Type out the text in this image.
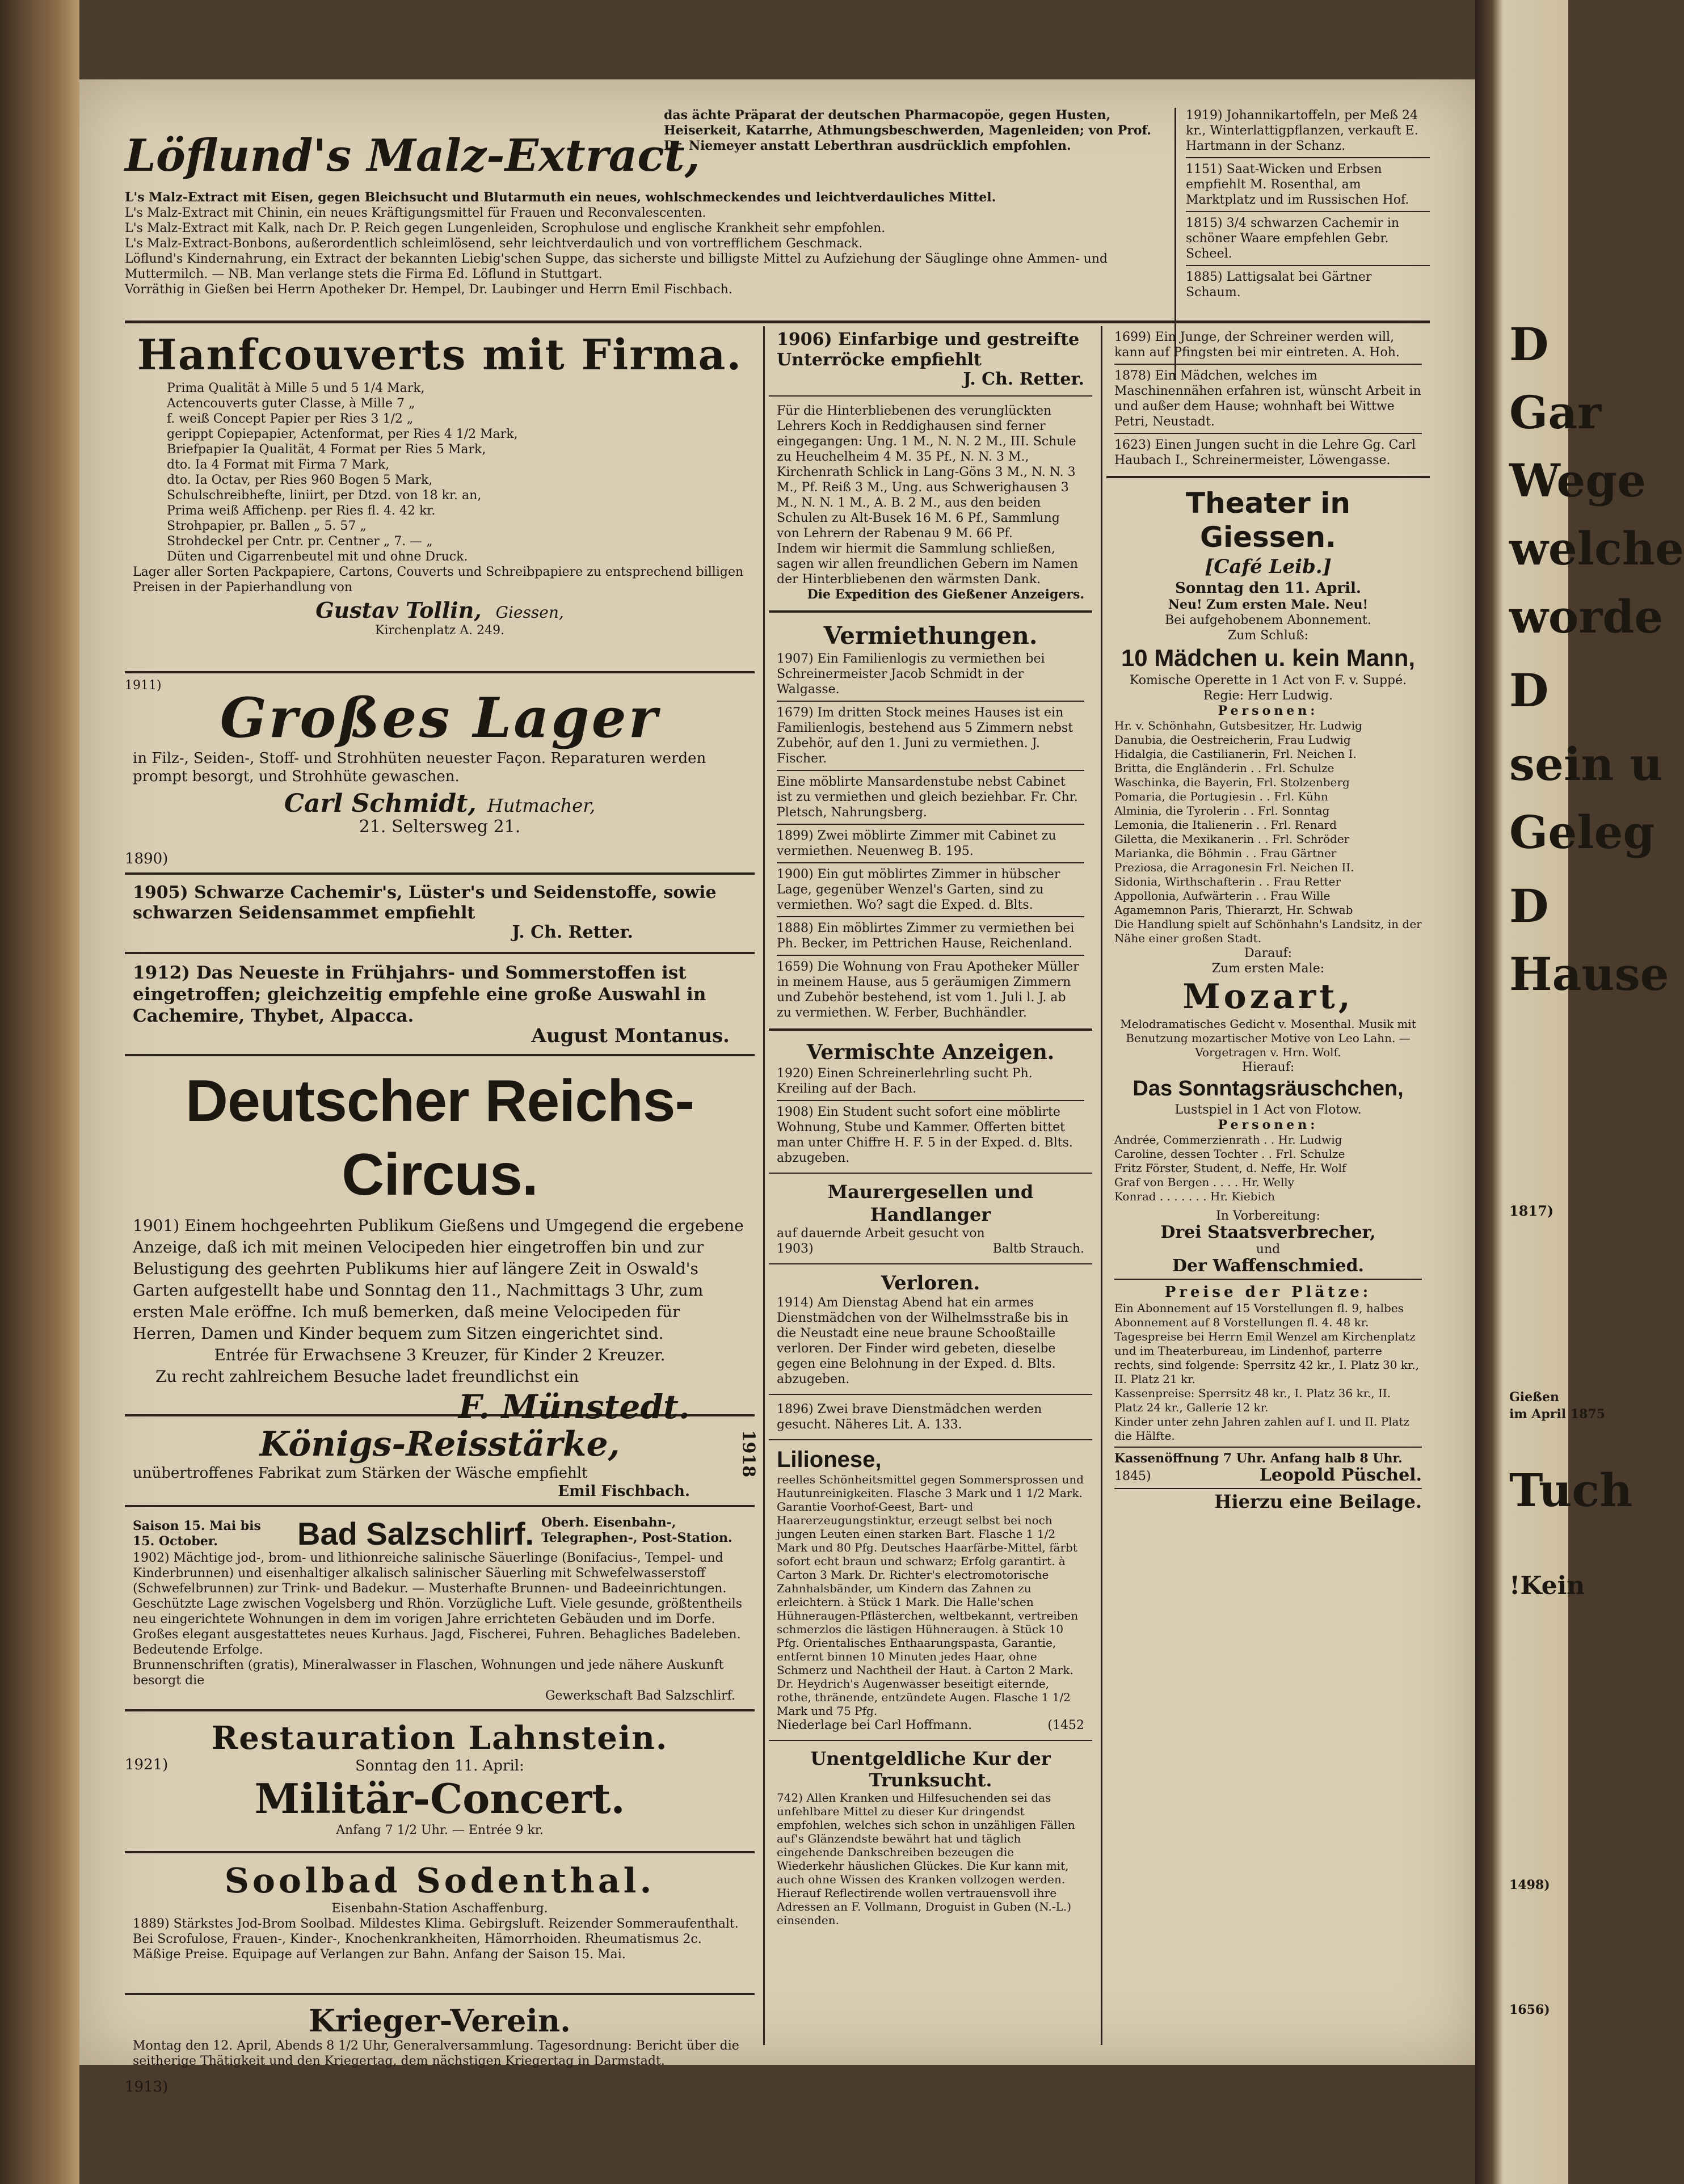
Löflund's Malz-Extract,
das ächte Präparat der deutschen Pharmacopöe, gegen Husten, Heiserkeit, Katarrhe, Athmungsbeschwerden, Magenleiden; von Prof. Dr. Niemeyer anstatt Leberthran ausdrücklich empfohlen.

L's Malz-Extract mit Eisen, gegen Bleichsucht und Blutarmuth ein neues, wohlschmeckendes und leichtverdauliches Mittel.

L's Malz-Extract mit Chinin, ein neues Kräftigungsmittel für Frauen und Reconvalescenten.

L's Malz-Extract mit Kalk, nach Dr. P. Reich gegen Lungenleiden, Scrophulose und englische Krankheit sehr empfohlen.

L's Malz-Extract-Bonbons, außerordentlich schleimlösend, sehr leichtverdaulich und von vortrefflichem Geschmack.

Löflund's Kindernahrung, ein Extract der bekannten Liebig'schen Suppe, das sicherste und billigste Mittel zu Aufziehung der Säuglinge ohne Ammen- und Muttermilch. — NB. Man verlange stets die Firma Ed. Löflund in Stuttgart.

Vorräthig in Gießen bei Herrn Apotheker Dr. Hempel, Dr. Laubinger und Herrn Emil Fischbach.

1919) Johannikartoffeln, per Meß 24 kr., Winterlattigpflanzen, verkauft E. Hartmann in der Schanz.

1151) Saat-Wicken und Erbsen empfiehlt M. Rosenthal, am Marktplatz und im Russischen Hof.

1815) 3/4 schwarzen Cachemir in schöner Waare empfehlen Gebr. Scheel.

1885) Lattigsalat bei Gärtner Schaum.

Hanfcouverts mit Firma.

Prima Qualität à Mille 5 und 5 1/4 Mark,

Actencouverts guter Classe, à Mille 7 „

f. weiß Concept Papier per Ries 3 1/2 „

gerippt Copiepapier, Actenformat, per Ries 4 1/2 Mark,

Briefpapier Ia Qualität, 4 Format per Ries 5 Mark,

dto. Ia 4 Format mit Firma 7 Mark,

dto. Ia Octav, per Ries 960 Bogen 5 Mark,

Schulschreibhefte, liniirt, per Dtzd. von 18 kr. an,

Prima weiß Affichenp. per Ries fl. 4. 42 kr.

Strohpapier, pr. Ballen „ 5. 57 „

Strohdeckel per Cntr. pr. Centner „ 7. — „

Düten und Cigarrenbeutel mit und ohne Druck.

Lager aller Sorten Packpapiere, Cartons, Couverts und Schreibpapiere zu entsprechend billigen Preisen in der Papierhandlung von

Gustav Tollin, Giessen,

Kirchenplatz A. 249.

1911)
Großes Lager

in Filz-, Seiden-, Stoff- und Strohhüten neuester Façon. Reparaturen werden prompt besorgt, und Strohhüte gewaschen.

Carl Schmidt, Hutmacher,

21. Seltersweg 21.

1890)

1905) Schwarze Cachemir's, Lüster's und Seidenstoffe, sowie schwarzen Seidensammet empfiehlt

J. Ch. Retter.

1912) Das Neueste in Frühjahrs- und Sommerstoffen ist eingetroffen; gleichzeitig empfehle eine große Auswahl in Cachemire, Thybet, Alpacca.

August Montanus.

Deutscher Reichs-Circus.

1901) Einem hochgeehrten Publikum Gießens und Umgegend die ergebene Anzeige, daß ich mit meinen Velocipeden hier eingetroffen bin und zur Belustigung des geehrten Publikums hier auf längere Zeit in Oswald's Garten aufgestellt habe und Sonntag den 11., Nachmittags 3 Uhr, zum ersten Male eröffne. Ich muß bemerken, daß meine Velocipeden für Herren, Damen und Kinder bequem zum Sitzen eingerichtet sind.

Entrée für Erwachsene 3 Kreuzer, für Kinder 2 Kreuzer.

Zu recht zahlreichem Besuche ladet freundlichst ein

F. Münstedt.

Königs-Reisstärke,

unübertroffenes Fabrikat zum Stärken der Wäsche empfiehlt

Emil Fischbach.

1918
Saison 15. Mai bis 15. October.	Bad Salzschlirf. Oberh. Eisenbahn-, Telegraphen-, Post-Station.

1902) Mächtige jod-, brom- und lithionreiche salinische Säuerlinge (Bonifacius-, Tempel- und Kinderbrunnen) und eisenhaltiger alkalisch salinischer Säuerling mit Schwefelwasserstoff (Schwefelbrunnen) zur Trink- und Badekur. — Musterhafte Brunnen- und Badeeinrichtungen. Geschützte Lage zwischen Vogelsberg und Rhön. Vorzügliche Luft. Viele gesunde, größtentheils neu eingerichtete Wohnungen in dem im vorigen Jahre errichteten Gebäuden und im Dorfe. Großes elegant ausgestattetes neues Kurhaus. Jagd, Fischerei, Fuhren. Behagliches Badeleben. Bedeutende Erfolge.

Brunnenschriften (gratis), Mineralwasser in Flaschen, Wohnungen und jede nähere Auskunft besorgt die

Gewerkschaft Bad Salzschlirf.

Restauration Lahnstein.
1921)	Sonntag den 11. April:

Militär-Concert.

Anfang 7 1/2 Uhr. — Entrée 9 kr.

Soolbad Sodenthal.

Eisenbahn-Station Aschaffenburg.

1889) Stärkstes Jod-Brom Soolbad. Mildestes Klima. Gebirgsluft. Reizender Sommeraufenthalt. Bei Scrofulose, Frauen-, Kinder-, Knochenkrankheiten, Hämorrhoiden. Rheumatismus 2c. Mäßige Preise. Equipage auf Verlangen zur Bahn. Anfang der Saison 15. Mai.

Krieger-Verein.

Montag den 12. April, Abends 8 1/2 Uhr, Generalversammlung. Tagesordnung: Bericht über die seitherige Thätigkeit und den Kriegertag, dem nächstigen Kriegertag in Darmstadt.

1913)

1906) Einfarbige und gestreifte Unterröcke empfiehlt

J. Ch. Retter.

Für die Hinterbliebenen des verunglückten Lehrers Koch in Reddighausen sind ferner eingegangen: Ung. 1 M., N. N. 2 M., III. Schule zu Heuchelheim 4 M. 35 Pf., N. N. 3 M., Kirchenrath Schlick in Lang-Göns 3 M., N. N. 3 M., Pf. Reiß 3 M., Ung. aus Schwerighausen 3 M., N. N. 1 M., A. B. 2 M., aus den beiden Schulen zu Alt-Busek 16 M. 6 Pf., Sammlung von Lehrern der Rabenau 9 M. 66 Pf.

Indem wir hiermit die Sammlung schließen, sagen wir allen freundlichen Gebern im Namen der Hinterbliebenen den wärmsten Dank.

Die Expedition des Gießener Anzeigers.

Vermiethungen.

1907) Ein Familienlogis zu vermiethen bei Schreinermeister Jacob Schmidt in der Walgasse.

1679) Im dritten Stock meines Hauses ist ein Familienlogis, bestehend aus 5 Zimmern nebst Zubehör, auf den 1. Juni zu vermiethen. J. Fischer.

Eine möblirte Mansardenstube nebst Cabinet ist zu vermiethen und gleich beziehbar. Fr. Chr. Pletsch, Nahrungsberg.

1899) Zwei möblirte Zimmer mit Cabinet zu vermiethen. Neuenweg B. 195.

1900) Ein gut möblirtes Zimmer in hübscher Lage, gegenüber Wenzel's Garten, sind zu vermiethen. Wo? sagt die Exped. d. Blts.

1888) Ein möblirtes Zimmer zu vermiethen bei Ph. Becker, im Pettrichen Hause, Reichenland.

1659) Die Wohnung von Frau Apotheker Müller in meinem Hause, aus 5 geräumigen Zimmern und Zubehör bestehend, ist vom 1. Juli l. J. ab zu vermiethen. W. Ferber, Buchhändler.

Vermischte Anzeigen.

1920) Einen Schreinerlehrling sucht Ph. Kreiling auf der Bach.

1908) Ein Student sucht sofort eine möblirte Wohnung, Stube und Kammer. Offerten bittet man unter Chiffre H. F. 5 in der Exped. d. Blts. abzugeben.

Maurergesellen und Handlanger

auf dauernde Arbeit gesucht von

1903)	Baltb Strauch.

Verloren.

1914) Am Dienstag Abend hat ein armes Dienstmädchen von der Wilhelmsstraße bis in die Neustadt eine neue braune Schooßtaille verloren. Der Finder wird gebeten, dieselbe gegen eine Belohnung in der Exped. d. Blts. abzugeben.

1896) Zwei brave Dienstmädchen werden gesucht. Näheres Lit. A. 133.

Lilionese,

reelles Schönheitsmittel gegen Sommersprossen und Hautunreinigkeiten. Flasche 3 Mark und 1 1/2 Mark. Garantie Voorhof-Geest, Bart- und Haarerzeugungstinktur, erzeugt selbst bei noch jungen Leuten einen starken Bart. Flasche 1 1/2 Mark und 80 Pfg. Deutsches Haarfärbe-Mittel, färbt sofort echt braun und schwarz; Erfolg garantirt. à Carton 3 Mark. Dr. Richter's electromotorische Zahnhalsbänder, um Kindern das Zahnen zu erleichtern. à Stück 1 Mark. Die Halle'schen Hühneraugen-Pflästerchen, weltbekannt, vertreiben schmerzlos die lästigen Hühneraugen. à Stück 10 Pfg. Orientalisches Enthaarungspasta, Garantie, entfernt binnen 10 Minuten jedes Haar, ohne Schmerz und Nachtheil der Haut. à Carton 2 Mark. Dr. Heydrich's Augenwasser beseitigt eiternde, rothe, thränende, entzündete Augen. Flasche 1 1/2 Mark und 75 Pfg.

Niederlage bei Carl Hoffmann.	(1452

Unentgeldliche Kur der Trunksucht.

742) Allen Kranken und Hilfesuchenden sei das unfehlbare Mittel zu dieser Kur dringendst empfohlen, welches sich schon in unzähligen Fällen auf's Glänzendste bewährt hat und täglich eingehende Dankschreiben bezeugen die Wiederkehr häuslichen Glückes. Die Kur kann mit, auch ohne Wissen des Kranken vollzogen werden. Hierauf Reflectirende wollen vertrauensvoll ihre Adressen an F. Vollmann, Droguist in Guben (N.-L.) einsenden.

1699) Ein Junge, der Schreiner werden will, kann auf Pfingsten bei mir eintreten. A. Hoh.

1878) Ein Mädchen, welches im Maschinennähen erfahren ist, wünscht Arbeit in und außer dem Hause; wohnhaft bei Wittwe Petri, Neustadt.

1623) Einen Jungen sucht in die Lehre Gg. Carl Haubach I., Schreinermeister, Löwengasse.

Theater in Giessen.
[Café Leib.]

Sonntag den 11. April.

Neu! Zum ersten Male. Neu!

Bei aufgehobenem Abonnement.

Zum Schluß:

10 Mädchen u. kein Mann,

Komische Operette in 1 Act von F. v. Suppé.

Regie: Herr Ludwig.

Personen:

Hr. v. Schönhahn, Gutsbesitzer, Hr. Ludwig

Danubia, die Oestreicherin, Frau Ludwig

Hidalgia, die Castilianerin, Frl. Neichen I.

Britta, die Engländerin . . Frl. Schulze

Waschinka, die Bayerin, Frl. Stolzenberg

Pomaria, die Portugiesin . . Frl. Kühn

Alminia, die Tyrolerin . . Frl. Sonntag

Lemonia, die Italienerin . . Frl. Renard

Giletta, die Mexikanerin . . Frl. Schröder

Marianka, die Böhmin . . Frau Gärtner

Preziosa, die Arragonesin Frl. Neichen II.

Sidonia, Wirthschafterin . . Frau Retter

Appollonia, Aufwärterin . . Frau Wille

Agamemnon Paris, Thierarzt, Hr. Schwab

Die Handlung spielt auf Schönhahn's Landsitz, in der Nähe einer großen Stadt.

Darauf:

Zum ersten Male:

Mozart,

Melodramatisches Gedicht v. Mosenthal. Musik mit Benutzung mozartischer Motive von Leo Lahn. — Vorgetragen v. Hrn. Wolf.

Hierauf:

Das Sonntagsräuschchen,

Lustspiel in 1 Act von Flotow.

Personen:

Andrée, Commerzienrath . . Hr. Ludwig

Caroline, dessen Tochter . . Frl. Schulze

Fritz Förster, Student, d. Neffe, Hr. Wolf

Graf von Bergen . . . . Hr. Welly

Konrad . . . . . . . Hr. Kiebich

In Vorbereitung:

Drei Staatsverbrecher,

und

Der Waffenschmied.

Preise der Plätze:

Ein Abonnement auf 15 Vorstellungen fl. 9, halbes Abonnement auf 8 Vorstellungen fl. 4. 48 kr.

Tagespreise bei Herrn Emil Wenzel am Kirchenplatz und im Theaterbureau, im Lindenhof, parterre rechts, sind folgende: Sperrsitz 42 kr., I. Platz 30 kr., II. Platz 21 kr.

Kassenpreise: Sperrsitz 48 kr., I. Platz 36 kr., II. Platz 24 kr., Gallerie 12 kr.

Kinder unter zehn Jahren zahlen auf I. und II. Platz die Hälfte.

Kassenöffnung 7 Uhr. Anfang halb 8 Uhr.

1845)	Leopold Püschel.

Hierzu eine Beilage.

D
Gar
Wege
welche
worde
D
sein u
Geleg
D
Hause
1817)
Gießen
im April 1875
Tuch
!Kein
1498)
1656)
